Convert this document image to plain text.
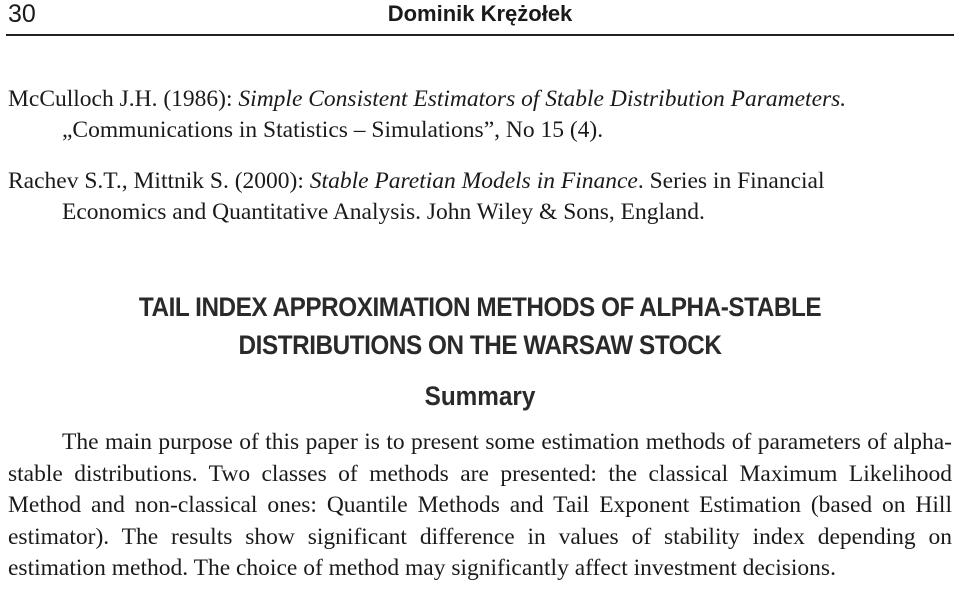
30	Dominik Krężołek
McCulloch J.H. (1986): Simple Consistent Estimators of Stable Distribution Parameters.
„Communications in Statistics – Simulations”, No 15 (4).
Rachev S.T., Mittnik S. (2000): Stable Paretian Models in Finance. Series in Financial
Economics and Quantitative Analysis. John Wiley & Sons, England.
TAIL INDEX APPROXIMATION METHODS OF ALPHA-STABLE
DISTRIBUTIONS ON THE WARSAW STOCK
Summary
The main purpose of this paper is to present some estimation methods of parameters of alpha-stable distributions. Two classes of methods are presented: the classical Maximum Likelihood Method and non-classical ones: Quantile Methods and Tail Exponent Estimation (based on Hill estimator). The results show significant difference in values of stability index depending on estimation method. The choice of method may significantly affect investment decisions.
